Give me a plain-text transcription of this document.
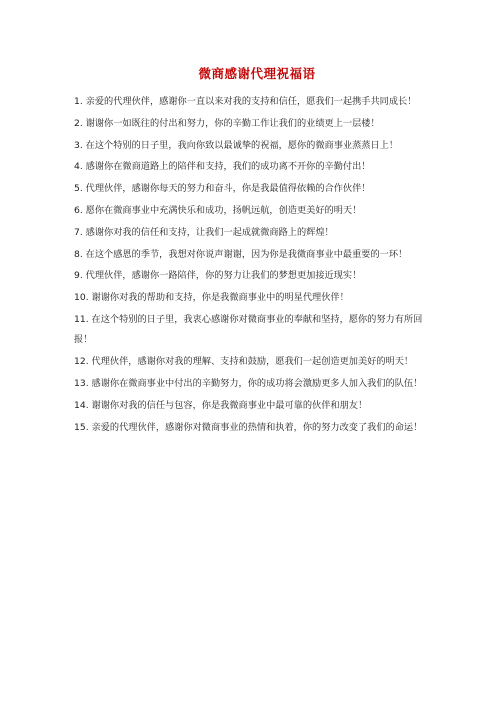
微商感谢代理祝福语
1. 亲爱的代理伙伴，感谢你一直以来对我的支持和信任，愿我们一起携手共同成长！
2. 谢谢你一如既往的付出和努力，你的辛勤工作让我们的业绩更上一层楼！
3. 在这个特别的日子里，我向你致以最诚挚的祝福，愿你的微商事业蒸蒸日上！
4. 感谢你在微商道路上的陪伴和支持，我们的成功离不开你的辛勤付出！
5. 代理伙伴，感谢你每天的努力和奋斗，你是我最值得依赖的合作伙伴！
6. 愿你在微商事业中充满快乐和成功，扬帆远航，创造更美好的明天！
7. 感谢你对我的信任和支持，让我们一起成就微商路上的辉煌！
8. 在这个感恩的季节，我想对你说声谢谢，因为你是我微商事业中最重要的一环！
9. 代理伙伴，感谢你一路陪伴，你的努力让我们的梦想更加接近现实！
10. 谢谢你对我的帮助和支持，你是我微商事业中的明星代理伙伴！
11. 在这个特别的日子里，我衷心感谢你对微商事业的奉献和坚持，愿你的努力有所回报！
12. 代理伙伴，感谢你对我的理解、支持和鼓励，愿我们一起创造更加美好的明天！
13. 感谢你在微商事业中付出的辛勤努力，你的成功将会激励更多人加入我们的队伍！
14. 谢谢你对我的信任与包容，你是我微商事业中最可靠的伙伴和朋友！
15. 亲爱的代理伙伴，感谢你对微商事业的热情和执着，你的努力改变了我们的命运！
